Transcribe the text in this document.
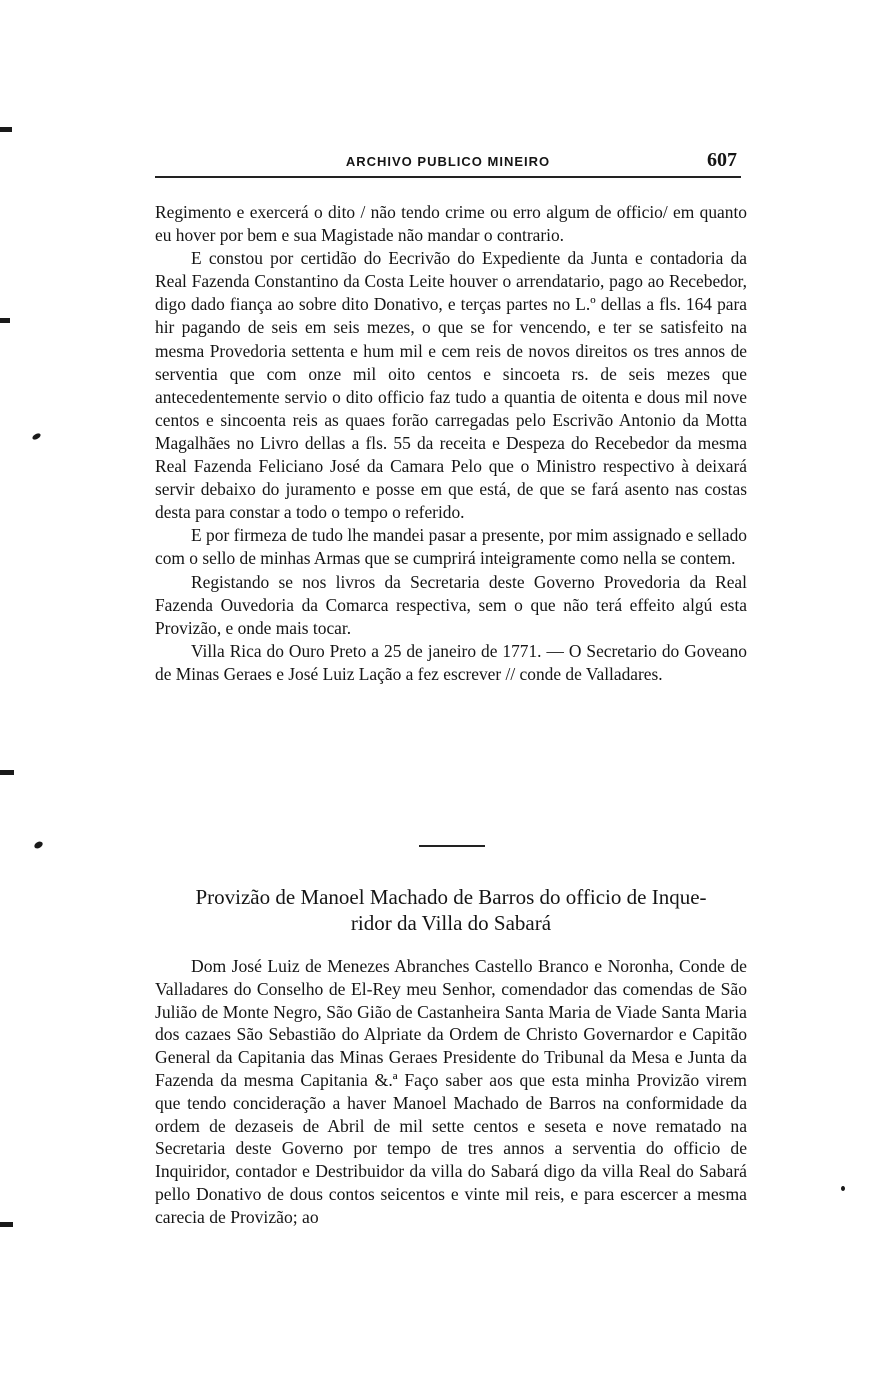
ARCHIVO PUBLICO MINEIRO	607

Regimento e exercerá o dito / não tendo crime ou erro algum de officio/ em quanto eu hover por bem e sua Magistade não mandar o contrario.

E constou por certidão do Eecrivão do Expediente da Junta e contadoria da Real Fazenda Constantino da Costa Leite houver o arrendatario, pago ao Recebedor, digo dado fiança ao sobre dito Donativo, e terças partes no L.º dellas a fls. 164 para hir pagando de seis em seis mezes, o que se for vencendo, e ter se satisfeito na mesma Provedoria settenta e hum mil e cem reis de novos direitos os tres annos de serventia que com onze mil oito centos e sincoeta rs. de seis mezes que antecedentemente servio o dito officio faz tudo a quantia de oitenta e dous mil nove centos e sincoenta reis as quaes forão carregadas pelo Escrivão Antonio da Motta Magalhães no Livro dellas a fls. 55 da receita e Despeza do Recebedor da mesma Real Fazenda Feliciano José da Camara Pelo que o Ministro respectivo à deixará servir debaixo do juramento e posse em que está, de que se fará asento nas costas desta para constar a todo o tempo o referido.

E por firmeza de tudo lhe mandei pasar a presente, por mim assignado e sellado com o sello de minhas Armas que se cumprirá inteigramente como nella se contem.

Registando se nos livros da Secretaria deste Governo Provedoria da Real Fazenda Ouvedoria da Comarca respectiva, sem o que não terá effeito algú esta Provizão, e onde mais tocar.

Villa Rica do Ouro Preto a 25 de janeiro de 1771. — O Secretario do Goveano de Minas Geraes e José Luiz Lação a fez escrever // conde de Valladares.

Provizão de Manoel Machado de Barros do officio de Inque-
ridor da Villa do Sabará

Dom José Luiz de Menezes Abranches Castello Branco e Noronha, Conde de Valladares do Conselho de El-Rey meu Senhor, comendador das comendas de São Julião de Monte Negro, São Gião de Castanheira Santa Maria de Viade Santa Maria dos cazaes São Sebastião do Alpriate da Ordem de Christo Governardor e Capitão General da Capitania das Minas Geraes Presidente do Tribunal da Mesa e Junta da Fazenda da mesma Capitania &.ª Faço saber aos que esta minha Provizão virem que tendo concideração a haver Manoel Machado de Barros na conformidade da ordem de dezaseis de Abril de mil sette centos e seseta e nove rematado na Secretaria deste Governo por tempo de tres annos a serventia do officio de Inquiridor, contador e Destribuidor da villa do Sabará digo da villa Real do Sabará pello Donativo de dous contos seicentos e vinte mil reis, e para escercer a mesma carecia de Provizão; ao
